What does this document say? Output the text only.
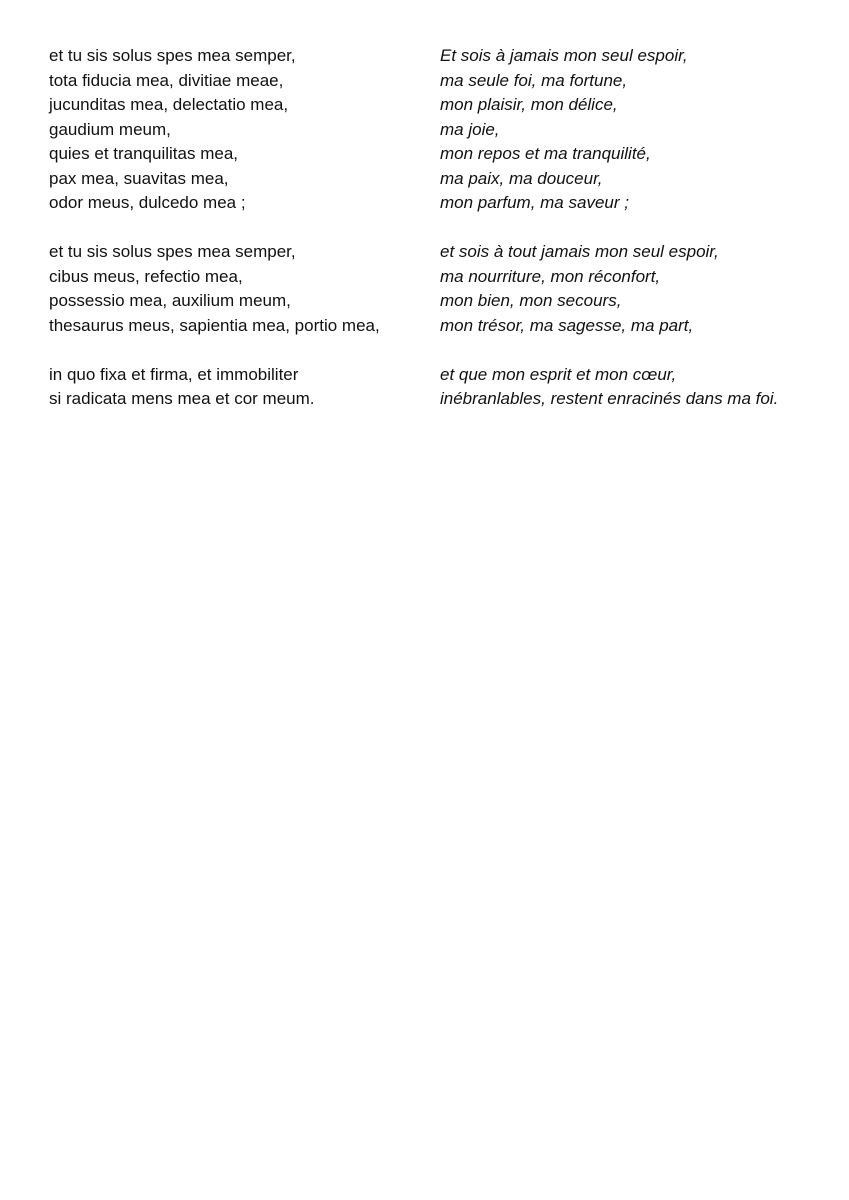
et tu sis solus spes mea semper,
tota fiducia mea, divitiae meae,
jucunditas mea, delectatio mea,
gaudium meum,
quies et tranquilitas mea,
pax mea, suavitas mea,
odor meus, dulcedo mea ;
et tu sis solus spes mea semper,
cibus meus, refectio mea,
possessio mea, auxilium meum,
thesaurus meus, sapientia mea, portio mea,
in quo fixa et firma, et immobiliter
si radicata mens mea et cor meum.
Et sois à jamais mon seul espoir,
ma seule foi, ma fortune,
mon plaisir, mon délice,
ma joie,
mon repos et ma tranquilité,
ma paix, ma douceur,
mon parfum, ma saveur ;
et sois à tout jamais mon seul espoir,
ma nourriture, mon réconfort,
mon bien, mon secours,
mon trésor, ma sagesse, ma part,
et que mon esprit et mon cœur,
inébranlables, restent enracinés dans ma foi.
